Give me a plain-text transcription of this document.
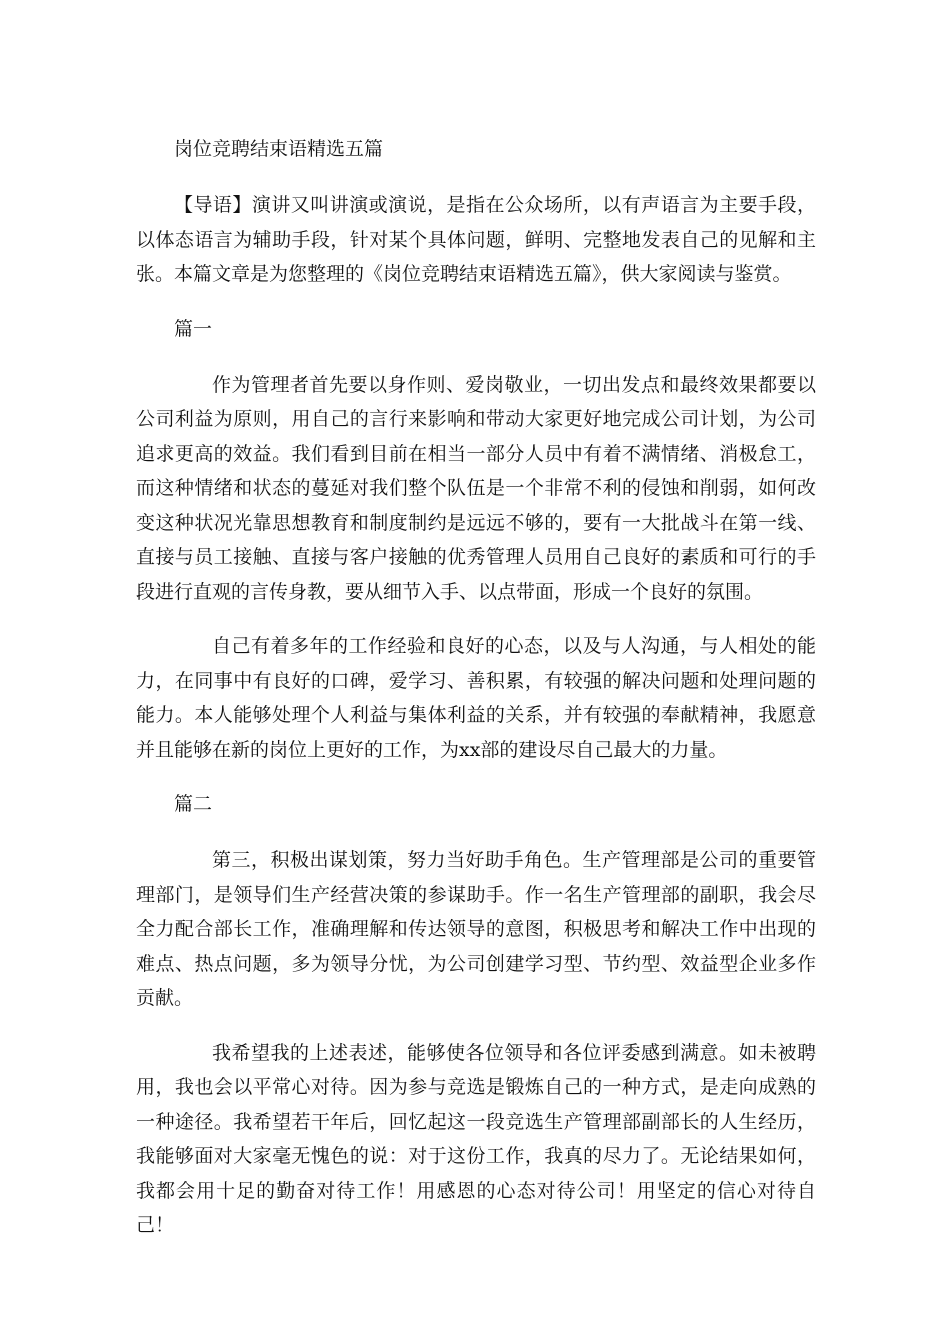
岗位竞聘结束语精选五篇

【导语】演讲又叫讲演或演说，是指在公众场所，以有声语言为主要手段，以体态语言为辅助手段，针对某个具体问题，鲜明、完整地发表自己的见解和主张。本篇文章是为您整理的《岗位竞聘结束语精选五篇》，供大家阅读与鉴赏。

篇一

作为管理者首先要以身作则、爱岗敬业，一切出发点和最终效果都要以公司利益为原则，用自己的言行来影响和带动大家更好地完成公司计划，为公司追求更高的效益。我们看到目前在相当一部分人员中有着不满情绪、消极怠工，而这种情绪和状态的蔓延对我们整个队伍是一个非常不利的侵蚀和削弱，如何改变这种状况光靠思想教育和制度制约是远远不够的，要有一大批战斗在第一线、直接与员工接触、直接与客户接触的优秀管理人员用自己良好的素质和可行的手段进行直观的言传身教，要从细节入手、以点带面，形成一个良好的氛围。

自己有着多年的工作经验和良好的心态，以及与人沟通，与人相处的能力，在同事中有良好的口碑，爱学习、善积累，有较强的解决问题和处理问题的能力。本人能够处理个人利益与集体利益的关系，并有较强的奉献精神，我愿意并且能够在新的岗位上更好的工作，为xx部的建设尽自己最大的力量。

篇二

第三，积极出谋划策，努力当好助手角色。生产管理部是公司的重要管理部门，是领导们生产经营决策的参谋助手。作一名生产管理部的副职，我会尽全力配合部长工作，准确理解和传达领导的意图，积极思考和解决工作中出现的难点、热点问题，多为领导分忧，为公司创建学习型、节约型、效益型企业多作贡献。

我希望我的上述表述，能够使各位领导和各位评委感到满意。如未被聘用，我也会以平常心对待。因为参与竞选是锻炼自己的一种方式，是走向成熟的一种途径。我希望若干年后，回忆起这一段竞选生产管理部副部长的人生经历，我能够面对大家毫无愧色的说：对于这份工作，我真的尽力了。无论结果如何，我都会用十足的勤奋对待工作！用感恩的心态对待公司！用坚定的信心对待自己！
